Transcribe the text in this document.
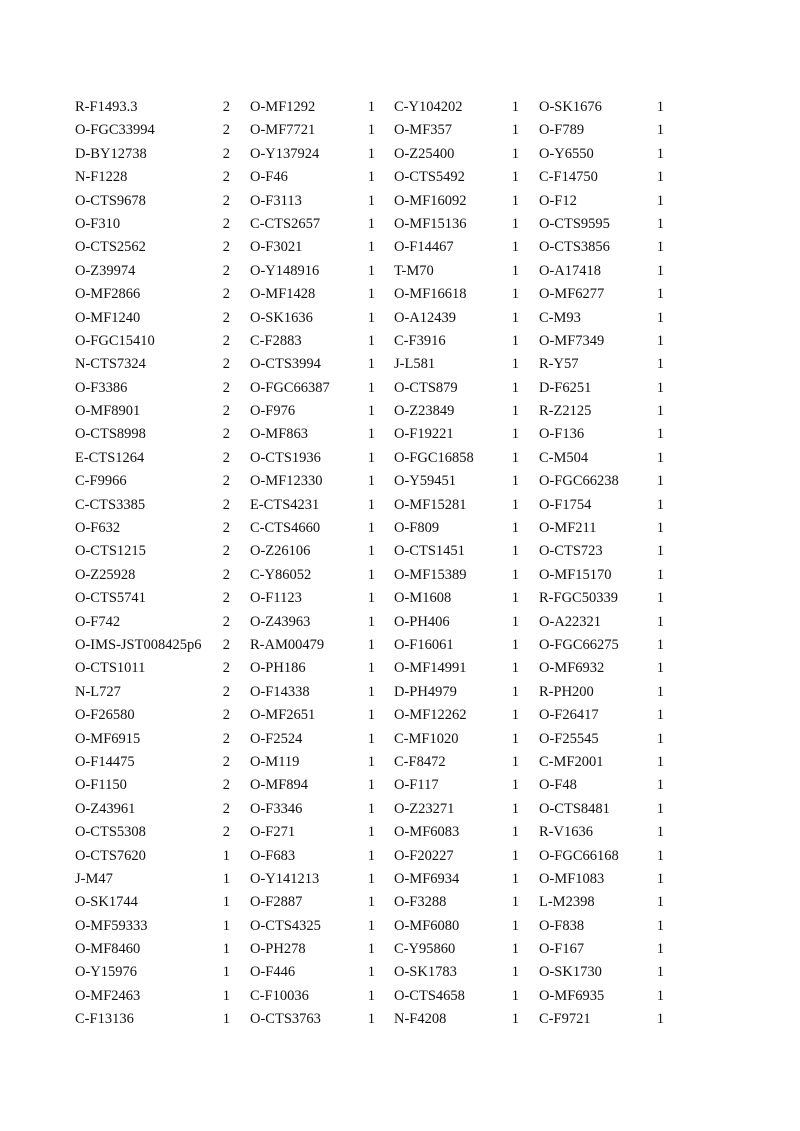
R-F1493.3	2 O-MF1292	1 C-Y104202	1 O-SK1676	1
O-FGC33994	2 O-MF7721	1 O-MF357	1 O-F789	1
D-BY12738	2 O-Y137924	1 O-Z25400	1 O-Y6550	1
N-F1228	2 O-F46	1 O-CTS5492	1 C-F14750	1
O-CTS9678	2 O-F3113	1 O-MF16092	1 O-F12	1
O-F310	2 C-CTS2657	1 O-MF15136	1 O-CTS9595	1
O-CTS2562	2 O-F3021	1 O-F14467	1 O-CTS3856	1
O-Z39974	2 O-Y148916	1 T-M70	1 O-A17418	1
O-MF2866	2 O-MF1428	1 O-MF16618	1 O-MF6277	1
O-MF1240	2 O-SK1636	1 O-A12439	1 C-M93	1
O-FGC15410	2 C-F2883	1 C-F3916	1 O-MF7349	1
N-CTS7324	2 O-CTS3994	1 J-L581	1 R-Y57	1
O-F3386	2 O-FGC66387	1 O-CTS879	1 D-F6251	1
O-MF8901	2 O-F976	1 O-Z23849	1 R-Z2125	1
O-CTS8998	2 O-MF863	1 O-F19221	1 O-F136	1
E-CTS1264	2 O-CTS1936	1 O-FGC16858	1 C-M504	1
C-F9966	2 O-MF12330	1 O-Y59451	1 O-FGC66238	1
C-CTS3385	2 E-CTS4231	1 O-MF15281	1 O-F1754	1
O-F632	2 C-CTS4660	1 O-F809	1 O-MF211	1
O-CTS1215	2 O-Z26106	1 O-CTS1451	1 O-CTS723	1
O-Z25928	2 C-Y86052	1 O-MF15389	1 O-MF15170	1
O-CTS5741	2 O-F1123	1 O-M1608	1 R-FGC50339	1
O-F742	2 O-Z43963	1 O-PH406	1 O-A22321	1
O-IMS-JST008425p6	2 R-AM00479	1 O-F16061	1 O-FGC66275	1
O-CTS1011	2 O-PH186	1 O-MF14991	1 O-MF6932	1
N-L727	2 O-F14338	1 D-PH4979	1 R-PH200	1
O-F26580	2 O-MF2651	1 O-MF12262	1 O-F26417	1
O-MF6915	2 O-F2524	1 C-MF1020	1 O-F25545	1
O-F14475	2 O-M119	1 C-F8472	1 C-MF2001	1
O-F1150	2 O-MF894	1 O-F117	1 O-F48	1
O-Z43961	2 O-F3346	1 O-Z23271	1 O-CTS8481	1
O-CTS5308	2 O-F271	1 O-MF6083	1 R-V1636	1
O-CTS7620	1 O-F683	1 O-F20227	1 O-FGC66168	1
J-M47	1 O-Y141213	1 O-MF6934	1 O-MF1083	1
O-SK1744	1 O-F2887	1 O-F3288	1 L-M2398	1
O-MF59333	1 O-CTS4325	1 O-MF6080	1 O-F838	1
O-MF8460	1 O-PH278	1 C-Y95860	1 O-F167	1
O-Y15976	1 O-F446	1 O-SK1783	1 O-SK1730	1
O-MF2463	1 C-F10036	1 O-CTS4658	1 O-MF6935	1
C-F13136	1 O-CTS3763	1 N-F4208	1 C-F9721	1
